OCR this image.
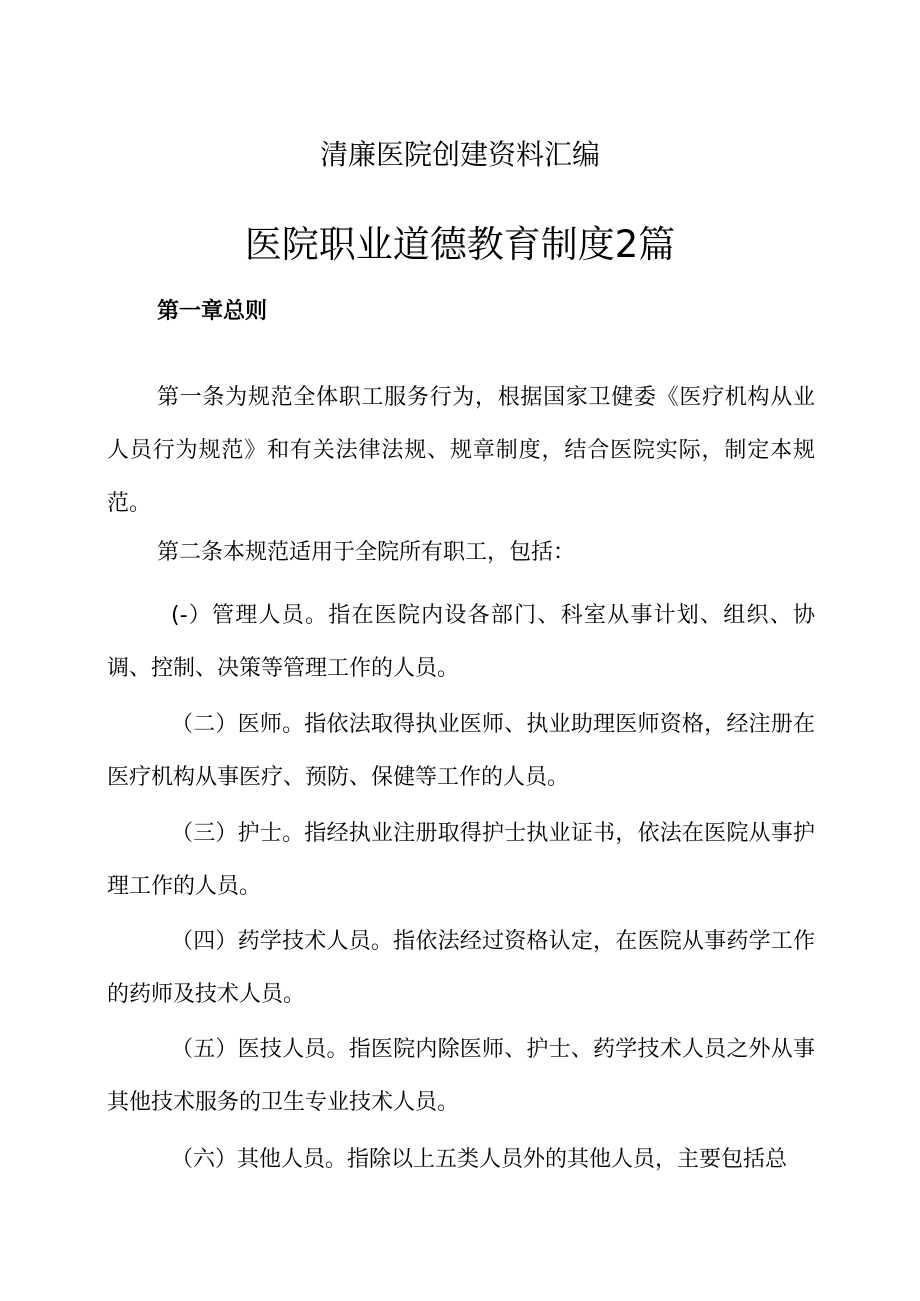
清廉医院创建资料汇编
医院职业道德教育制度2篇
第一章总则

第一条为规范全体职工服务行为，根据国家卫健委《医疗机构从业人员行为规范》和有关法律法规、规章制度，结合医院实际，制定本规范。

第二条本规范适用于全院所有职工，包括：

(-）管理人员。指在医院内设各部门、科室从事计划、组织、协调、控制、决策等管理工作的人员。

（二）医师。指依法取得执业医师、执业助理医师资格，经注册在医疗机构从事医疗、预防、保健等工作的人员。

（三）护士。指经执业注册取得护士执业证书，依法在医院从事护理工作的人员。

（四）药学技术人员。指依法经过资格认定，在医院从事药学工作的药师及技术人员。

（五）医技人员。指医院内除医师、护士、药学技术人员之外从事其他技术服务的卫生专业技术人员。

（六）其他人员。指除以上五类人员外的其他人员，主要包括总
